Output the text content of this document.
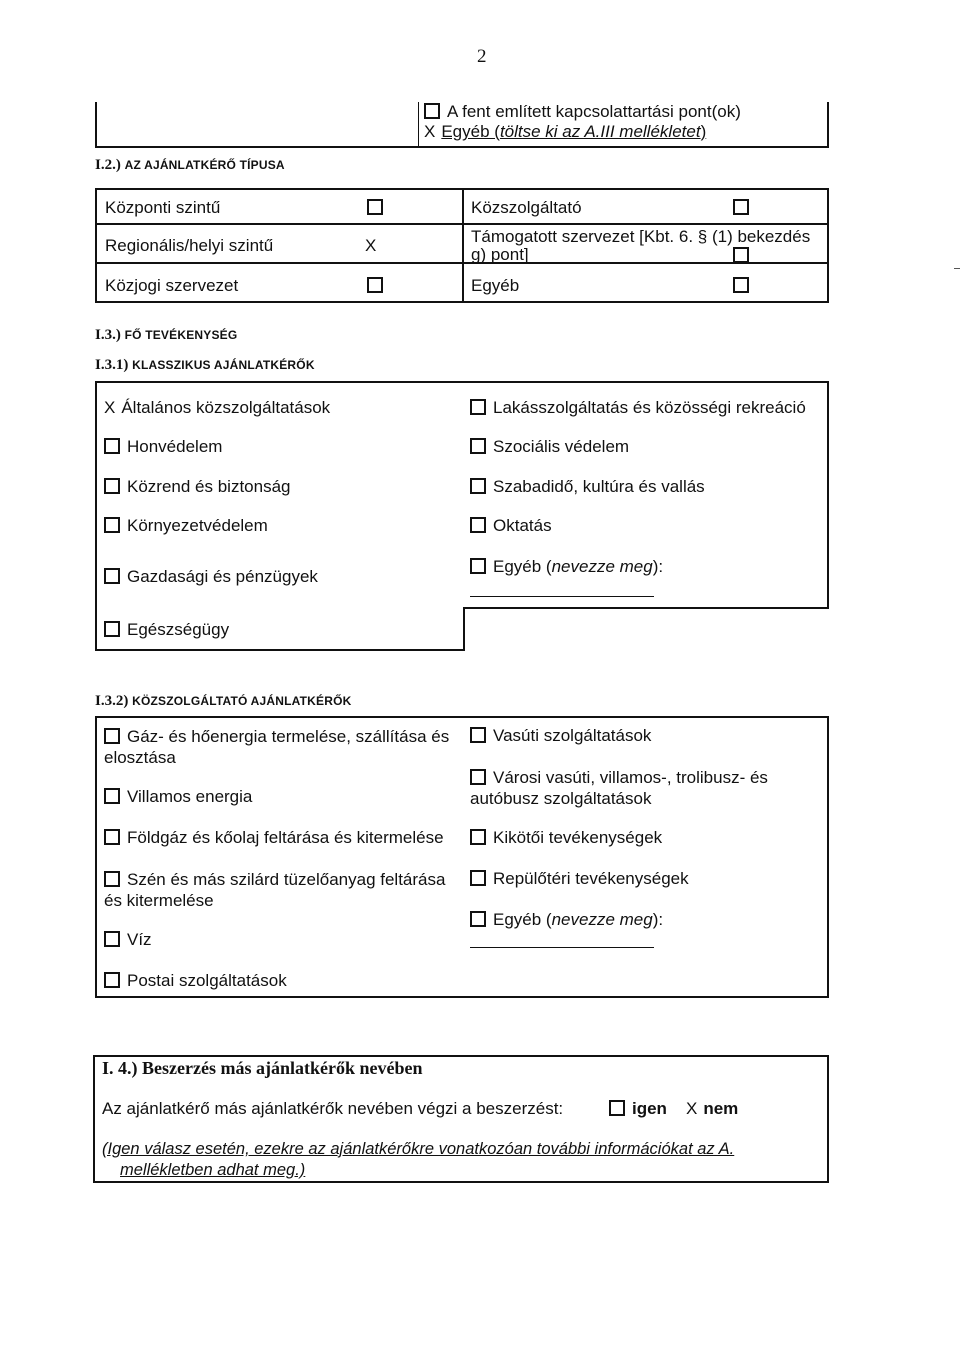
2
A fent említett kapcsolattartási pont(ok)
X Egyéb (töltse ki az A.III mellékletet)
I.2.) AZ AJÁNLATKÉRŐ TÍPUSA
Központi szintű	Közszolgáltató
Regionális/helyi szintű	X	Támogatott szervezet [Kbt. 6. § (1) bekezdés g) pont]
Közjogi szervezet	Egyéb
I.3.) FŐ TEVÉKENYSÉG
I.3.1) KLASSZIKUS AJÁNLATKÉRŐK
X Általános közszolgáltatások
Honvédelem
Közrend és biztonság
Környezetvédelem
Gazdasági és pénzügyek
Egészségügy
Lakásszolgáltatás és közösségi rekreáció
Szociális védelem
Szabadidő, kultúra és vallás
Oktatás
Egyéb (nevezze meg):
I.3.2) KÖZSZOLGÁLTATÓ AJÁNLATKÉRŐK
Gáz- és hőenergia termelése, szállítása és
elosztása
Villamos energia
Földgáz és kőolaj feltárása és kitermelése
Szén és más szilárd tüzelőanyag feltárása
és kitermelése
Víz
Postai szolgáltatások
Vasúti szolgáltatások
Városi vasúti, villamos-, trolibusz- és
autóbusz szolgáltatások
Kikötői tevékenységek
Repülőtéri tevékenységek
Egyéb (nevezze meg):
I. 4.) Beszerzés más ajánlatkérők nevében
Az ajánlatkérő más ajánlatkérők nevében végzi a beszerzést:	igen X nem
(Igen válasz esetén, ezekre az ajánlatkérőkre vonatkozóan további információkat az A.
mellékletben adhat meg.)
